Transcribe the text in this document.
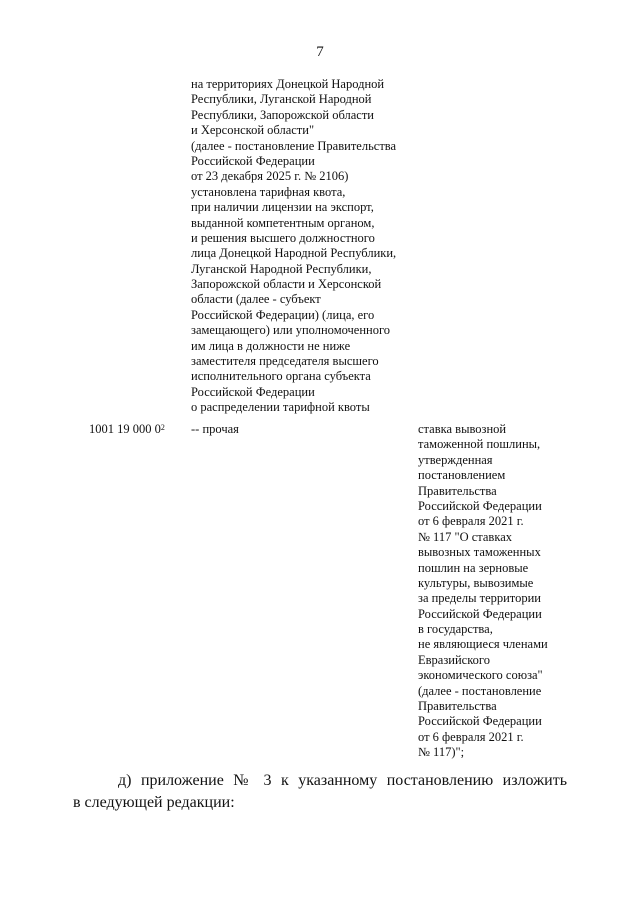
7
на территориях Донецкой Народной
Республики, Луганской Народной
Республики, Запорожской области
и Херсонской области"
(далее - постановление Правительства
Российской Федерации
от 23 декабря 2025 г. № 2106)
установлена тарифная квота,
при наличии лицензии на экспорт,
выданной компетентным органом,
и решения высшего должностного
лица Донецкой Народной Республики,
Луганской Народной Республики,
Запорожской области и Херсонской
области (далее - субъект
Российской Федерации) (лица, его
замещающего) или уполномоченного
им лица в должности не ниже
заместителя председателя высшего
исполнительного органа субъекта
Российской Федерации
о распределении тарифной квоты
1001 19 000 $0^2$ -- прочая	ставка вывозной
таможенной пошлины,
утвержденная
постановлением
Правительства
Российской Федерации
от 6 февраля 2021 г.
№ 117 "О ставках
вывозных таможенных
пошлин на зерновые
культуры, вывозимые
за пределы территории
Российской Федерации
в государства,
не являющиеся членами
Евразийского
экономического союза"
(далее - постановление
Правительства
Российской Федерации
от 6 февраля 2021 г.
№ 117)";
д) приложение № 3 к указанному постановлению изложить
в следующей редакции:
